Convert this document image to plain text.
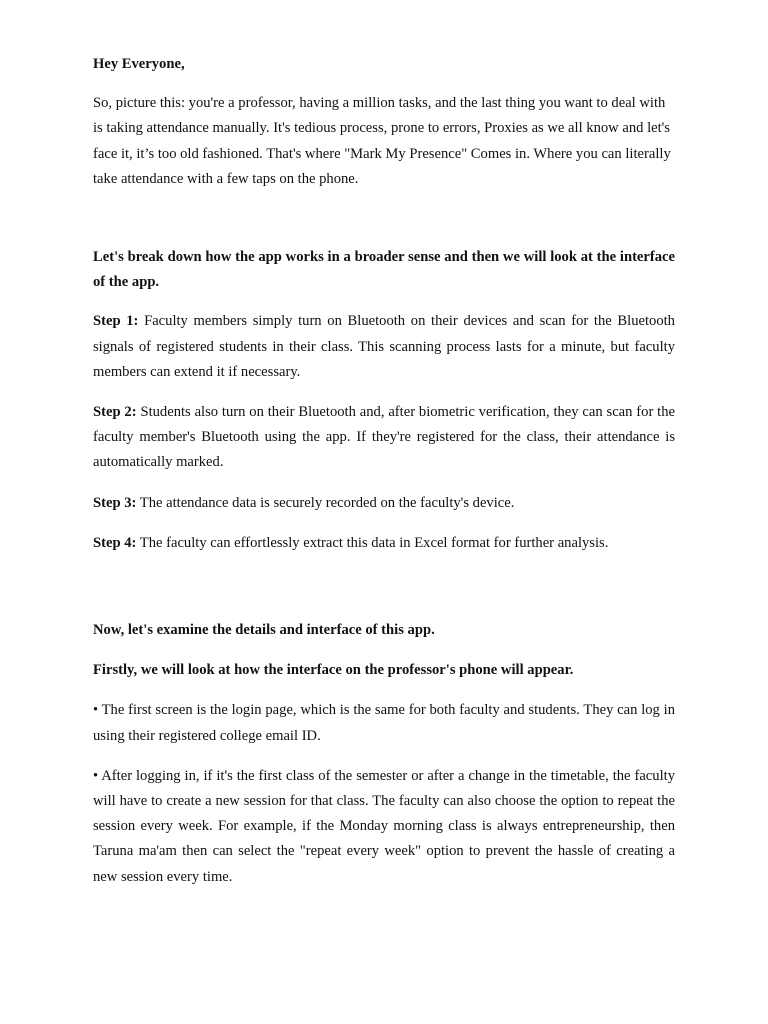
Hey Everyone,

So, picture this: you're a professor, having a million tasks, and the last thing you want to deal with is taking attendance manually. It's tedious process, prone to errors, Proxies as we all know and let's face it, it’s too old fashioned. That's where "Mark My Presence" Comes in. Where you can literally take attendance with a few taps on the phone.

Let's break down how the app works in a broader sense and then we will look at the interface of the app.

Step 1: Faculty members simply turn on Bluetooth on their devices and scan for the Bluetooth signals of registered students in their class. This scanning process lasts for a minute, but faculty members can extend it if necessary.

Step 2: Students also turn on their Bluetooth and, after biometric verification, they can scan for the faculty member's Bluetooth using the app. If they're registered for the class, their attendance is automatically marked.

Step 3: The attendance data is securely recorded on the faculty's device.

Step 4: The faculty can effortlessly extract this data in Excel format for further analysis.

Now, let's examine the details and interface of this app.

Firstly, we will look at how the interface on the professor's phone will appear.

• The first screen is the login page, which is the same for both faculty and students. They can log in using their registered college email ID.

• After logging in, if it's the first class of the semester or after a change in the timetable, the faculty will have to create a new session for that class. The faculty can also choose the option to repeat the session every week. For example, if the Monday morning class is always entrepreneurship, then Taruna ma'am then can select the "repeat every week" option to prevent the hassle of creating a new session every time.
